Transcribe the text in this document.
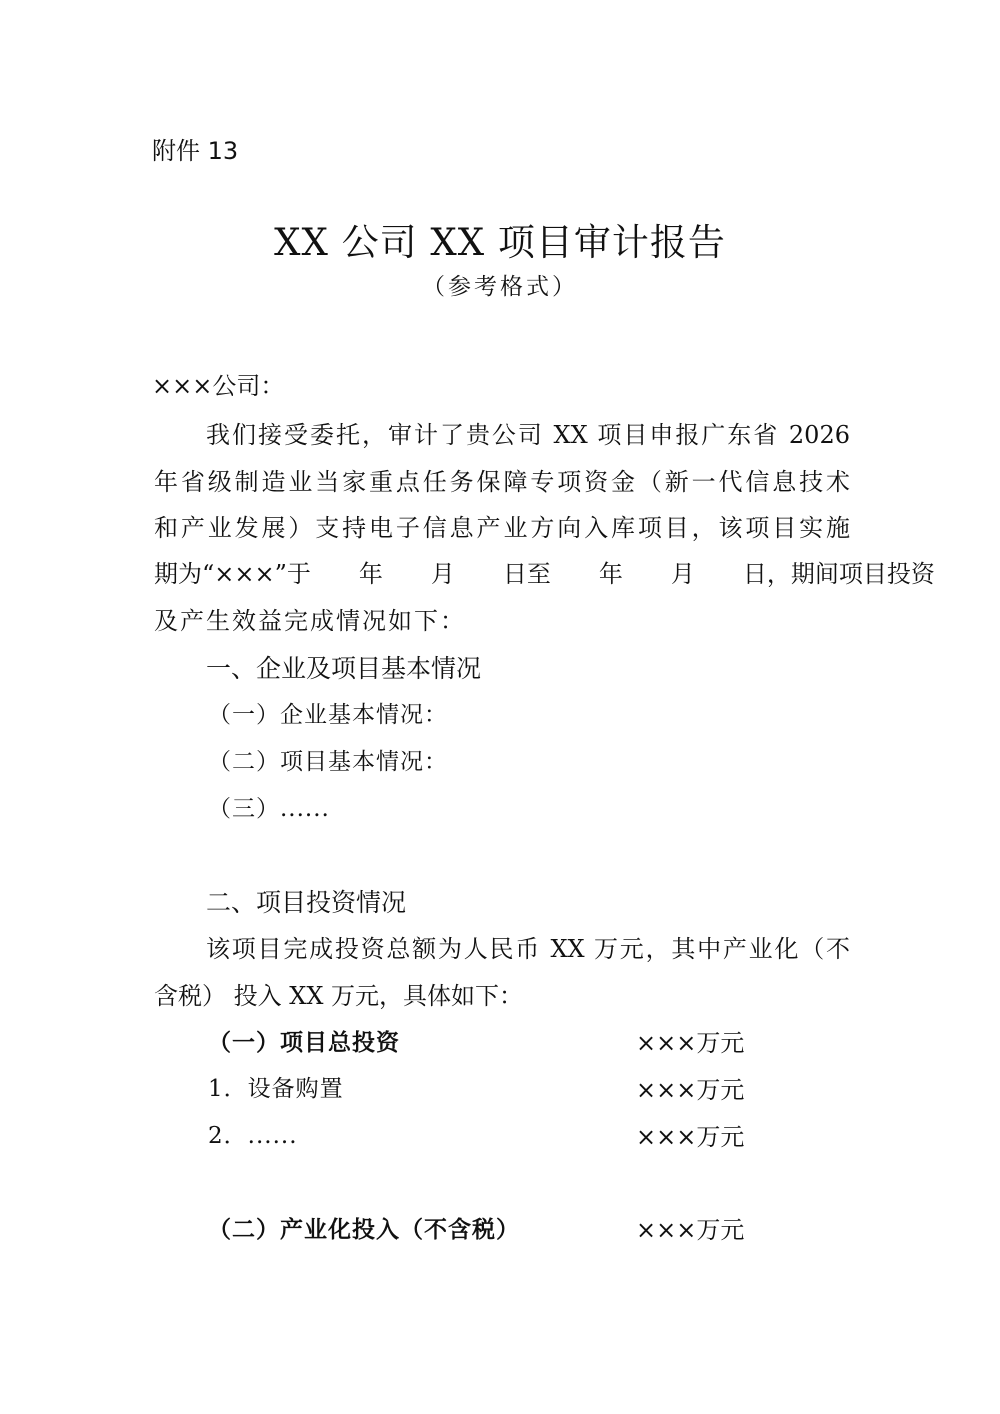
附件 13

XX 公司 XX 项目审计报告

（参考格式）

×××公司：

我们接受委托，审计了贵公司 XX 项目申报广东省 2026

年省级制造业当家重点任务保障专项资金（新一代信息技术

和产业发展）支持电子信息产业方向入库项目，该项目实施

期为“×××”于　　年　　月　　日至　　年　　月　　日，期间项目投资

及产生效益完成情况如下：

一、企业及项目基本情况

（一）企业基本情况：

（二）项目基本情况：

（三）......

二、项目投资情况

该项目完成投资总额为人民币 XX 万元，其中产业化（不

含税） 投入 XX 万元，具体如下：

（一）项目总投资	×××万元

1．设备购置	×××万元

2．......	×××万元

（二）产业化投入（不含税）	×××万元
